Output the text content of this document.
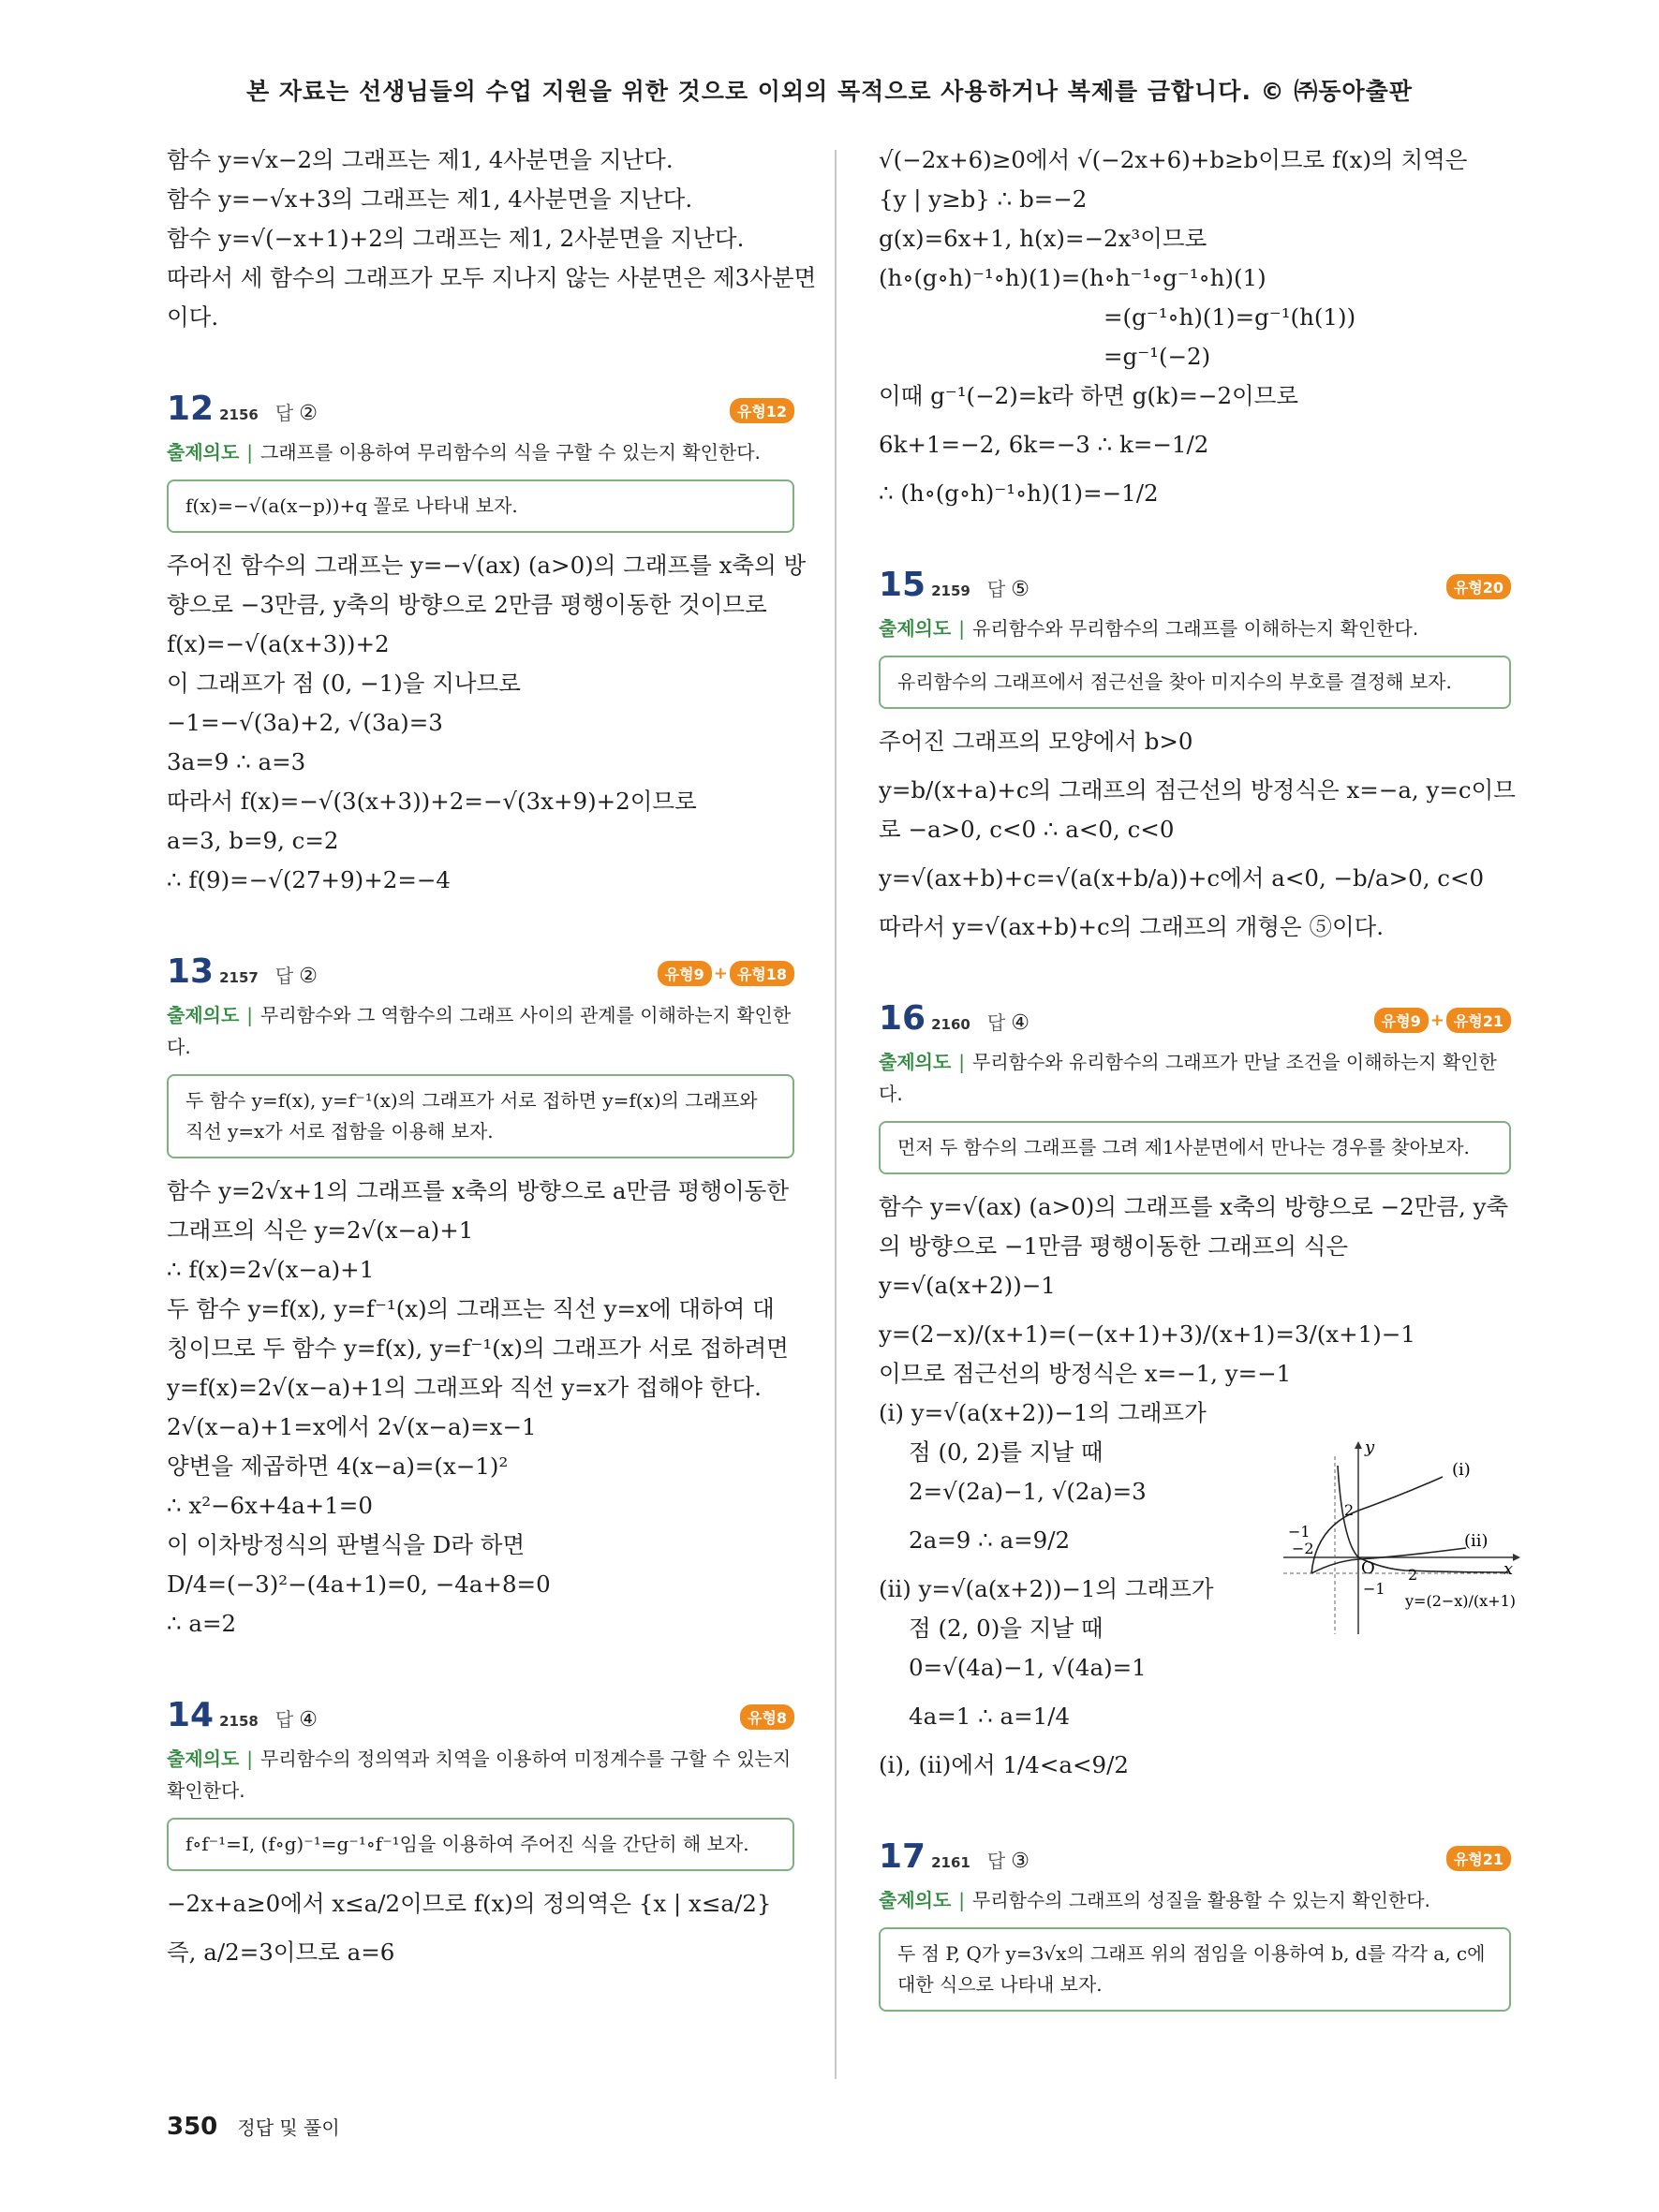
본 자료는 선생님들의 수업 지원을 위한 것으로 이외의 목적으로 사용하거나 복제를 금합니다. © ㈜동아출판
함수 y=√x−2의 그래프는 제1, 4사분면을 지난다.
함수 y=−√x+3의 그래프는 제1, 4사분면을 지난다.
함수 y=√(−x+1)+2의 그래프는 제1, 2사분면을 지난다.
따라서 세 함수의 그래프가 모두 지나지 않는 사분면은 제3사분면
이다.
12 2156 답 ②	유형12
출제의도 | 그래프를 이용하여 무리함수의 식을 구할 수 있는지 확인한다.
f(x)=−√(a(x−p))+q 꼴로 나타내 보자.
주어진 함수의 그래프는 y=−√(ax) (a>0)의 그래프를 x축의 방
향으로 −3만큼, y축의 방향으로 2만큼 평행이동한 것이므로
f(x)=−√(a(x+3))+2
이 그래프가 점 (0, −1)을 지나므로
−1=−√(3a)+2, √(3a)=3
3a=9 ∴ a=3
따라서 f(x)=−√(3(x+3))+2=−√(3x+9)+2이므로
a=3, b=9, c=2
∴ f(9)=−√(27+9)+2=−4
13 2157 답 ②	유형9 + 유형18
출제의도 | 무리함수와 그 역함수의 그래프 사이의 관계를 이해하는지 확인한다.
두 함수 y=f(x), y=f⁻¹(x)의 그래프가 서로 접하면 y=f(x)의 그래프와 직선 y=x가 서로 접함을 이용해 보자.
함수 y=2√x+1의 그래프를 x축의 방향으로 a만큼 평행이동한
그래프의 식은 y=2√(x−a)+1
∴ f(x)=2√(x−a)+1
두 함수 y=f(x), y=f⁻¹(x)의 그래프는 직선 y=x에 대하여 대
칭이므로 두 함수 y=f(x), y=f⁻¹(x)의 그래프가 서로 접하려면
y=f(x)=2√(x−a)+1의 그래프와 직선 y=x가 접해야 한다.
2√(x−a)+1=x에서 2√(x−a)=x−1
양변을 제곱하면 4(x−a)=(x−1)²
∴ x²−6x+4a+1=0
이 이차방정식의 판별식을 D라 하면
D/4=(−3)²−(4a+1)=0, −4a+8=0
∴ a=2
14 2158 답 ④	유형8
출제의도 | 무리함수의 정의역과 치역을 이용하여 미정계수를 구할 수 있는지 확인한다.
f∘f⁻¹=I, (f∘g)⁻¹=g⁻¹∘f⁻¹임을 이용하여 주어진 식을 간단히 해 보자.
−2x+a≥0에서 x≤a/2이므로 f(x)의 정의역은 {x | x≤a/2}
즉, a/2=3이므로 a=6
√(−2x+6)≥0에서 √(−2x+6)+b≥b이므로 f(x)의 치역은
{y | y≥b} ∴ b=−2
g(x)=6x+1, h(x)=−2x³이므로
(h∘(g∘h)⁻¹∘h)(1)=(h∘h⁻¹∘g⁻¹∘h)(1)
=(g⁻¹∘h)(1)=g⁻¹(h(1))
=g⁻¹(−2)
이때 g⁻¹(−2)=k라 하면 g(k)=−2이므로
6k+1=−2, 6k=−3 ∴ k=−1/2
∴ (h∘(g∘h)⁻¹∘h)(1)=−1/2
15 2159 답 ⑤	유형20
출제의도 | 유리함수와 무리함수의 그래프를 이해하는지 확인한다.
유리함수의 그래프에서 점근선을 찾아 미지수의 부호를 결정해 보자.
주어진 그래프의 모양에서 b>0
y=b/(x+a)+c의 그래프의 점근선의 방정식은 x=−a, y=c이므
로 −a>0, c<0 ∴ a<0, c<0
y=√(ax+b)+c=√(a(x+b/a))+c에서 a<0, −b/a>0, c<0
따라서 y=√(ax+b)+c의 그래프의 개형은 ⑤이다.
16 2160 답 ④	유형9 + 유형21
출제의도 | 무리함수와 유리함수의 그래프가 만날 조건을 이해하는지 확인한다.
먼저 두 함수의 그래프를 그려 제1사분면에서 만나는 경우를 찾아보자.
함수 y=√(ax) (a>0)의 그래프를 x축의 방향으로 −2만큼, y축
의 방향으로 −1만큼 평행이동한 그래프의 식은
y=√(a(x+2))−1
y=(2−x)/(x+1)=(−(x+1)+3)/(x+1)=3/(x+1)−1
이므로 점근선의 방정식은 x=−1, y=−1
(i) y=√(a(x+2))−1의 그래프가
점 (0, 2)를 지날 때
2=√(2a)−1, √(2a)=3
2a=9 ∴ a=9/2
(ii) y=√(a(x+2))−1의 그래프가
점 (2, 0)을 지날 때
0=√(4a)−1, √(4a)=1
4a=1 ∴ a=1/4
(i), (ii)에서 1/4<a<9/2
17 2161 답 ③	유형21
출제의도 | 무리함수의 그래프의 성질을 활용할 수 있는지 확인한다.
두 점 P, Q가 y=3√x의 그래프 위의 점임을 이용하여 b, d를 각각 a, c에 대한 식으로 나타내 보자.
y
x
O
2
−1
−2
2
−1
(i)
(ii)
y=(2−x)/(x+1)
350 정답 및 풀이
